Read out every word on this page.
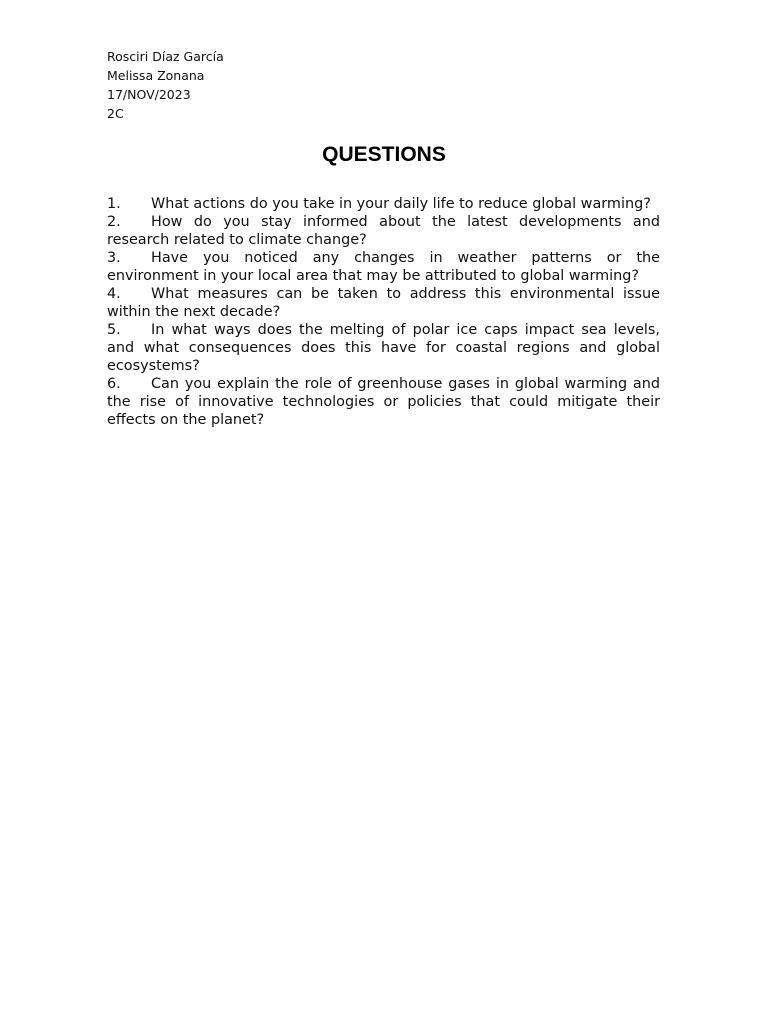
Rosciri Díaz García
Melissa Zonana
17/NOV/2023
2C
QUESTIONS
1. What actions do you take in your daily life to reduce global warming?
2. How do you stay informed about the latest developments and research related to climate change?
3. Have you noticed any changes in weather patterns or the environment in your local area that may be attributed to global warming?
4. What measures can be taken to address this environmental issue within the next decade?
5. In what ways does the melting of polar ice caps impact sea levels, and what consequences does this have for coastal regions and global ecosystems?
6. Can you explain the role of greenhouse gases in global warming and the rise of innovative technologies or policies that could mitigate their effects on the planet?
